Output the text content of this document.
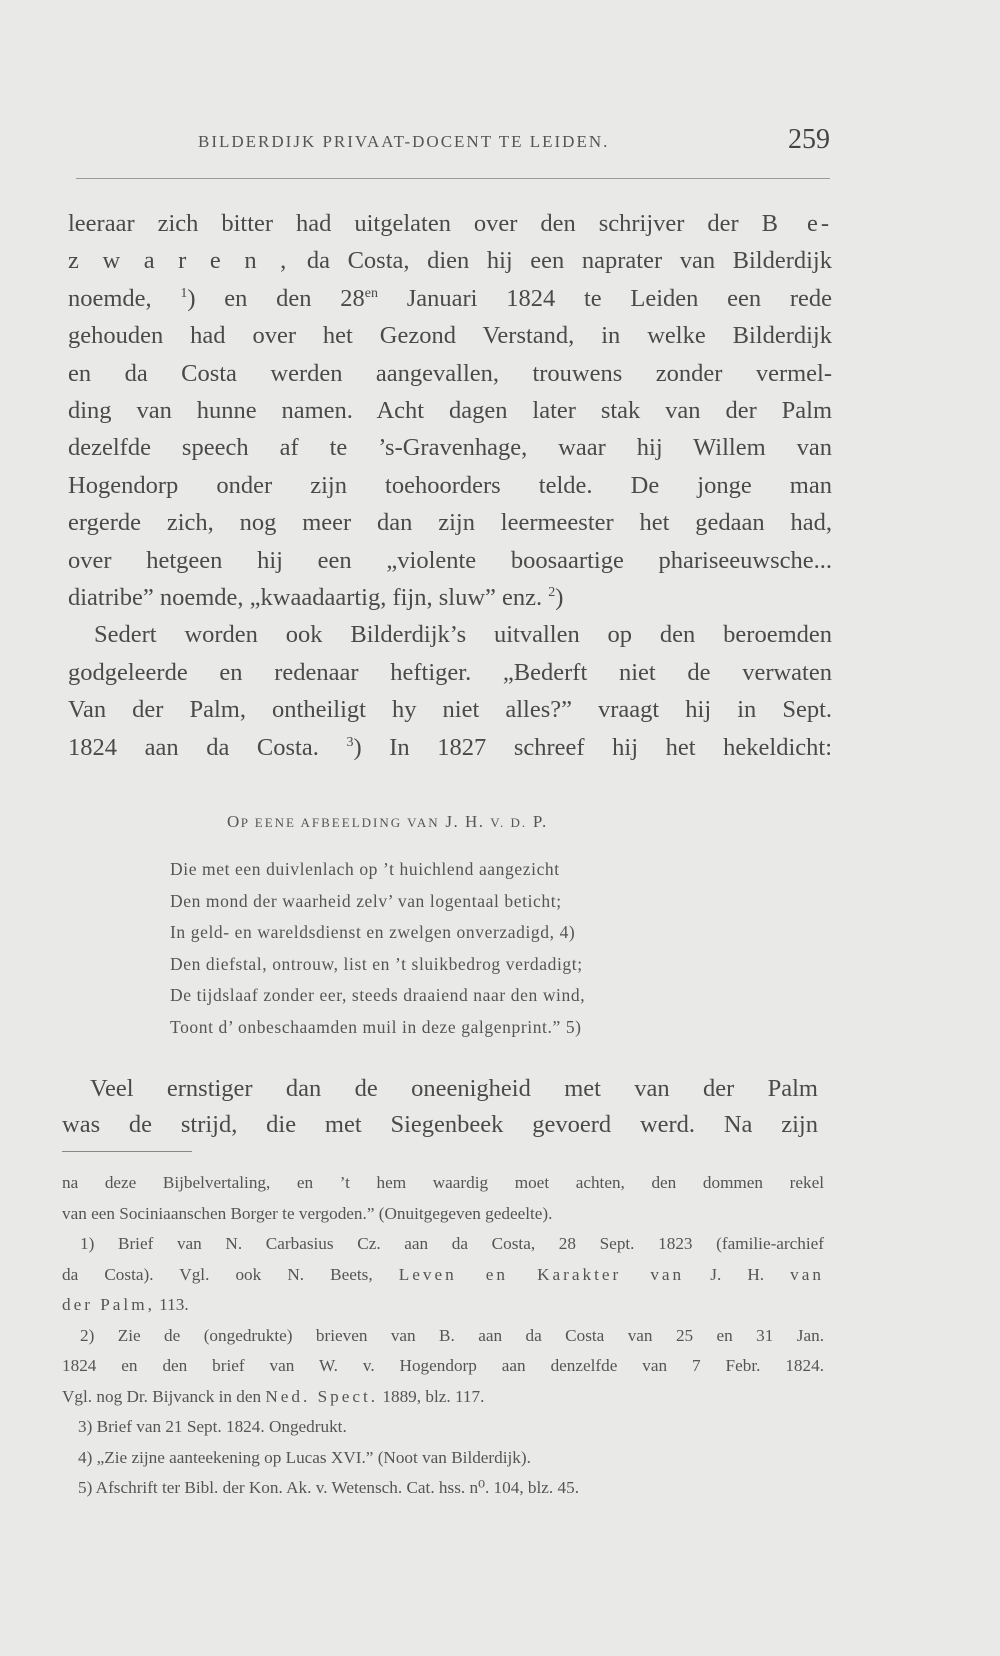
BILDERDIJK PRIVAAT-DOCENT TE LEIDEN.	259
leeraar zich bitter had uitgelaten over den schrijver der B e-
z w a r e n , da Costa, dien hij een naprater van Bilderdijk
noemde, $^1$) en den $28^{en}$ Januari 1824 te Leiden een rede
gehouden had over het Gezond Verstand, in welke Bilderdijk
en da Costa werden aangevallen, trouwens zonder vermel-
ding van hunne namen. Acht dagen later stak van der Palm
dezelfde speech af te ’s-Gravenhage, waar hij Willem van
Hogendorp onder zijn toehoorders telde. De jonge man
ergerde zich, nog meer dan zijn leermeester het gedaan had,
over hetgeen hij een „violente boosaartige phariseeuwsche...
diatribe” noemde, „kwaadaartig, fijn, sluw” enz. $^2$)
Sedert worden ook Bilderdijk’s uitvallen op den beroemden
godgeleerde en redenaar heftiger. „Bederft niet de verwaten
Van der Palm, ontheiligt hy niet alles?” vraagt hij in Sept.
1824 aan da Costa. $^3$) In 1827 schreef hij het hekeldicht:
OP EENE AFBEELDING VAN J. H. V. D. P.
Die met een duivlenlach op ’t huichlend aangezicht
Den mond der waarheid zelv’ van logentaal beticht;
In geld- en wareldsdienst en zwelgen onverzadigd, 4)
Den diefstal, ontrouw, list en ’t sluikbedrog verdadigt;
De tijdslaaf zonder eer, steeds draaiend naar den wind,
Toont d’ onbeschaamden muil in deze galgenprint.” 5)
Veel ernstiger dan de oneenigheid met van der Palm
was de strijd, die met Siegenbeek gevoerd werd. Na zijn
na deze Bijbelvertaling, en ’t hem waardig moet achten, den dommen rekel
van een Sociniaanschen Borger te vergoden.” (Onuitgegeven gedeelte).
1) Brief van N. Carbasius Cz. aan da Costa, 28 Sept. 1823 (familie-archief
da Costa). Vgl. ook N. Beets, Leven en Karakter van J. H. van
der Palm, 113.
2) Zie de (ongedrukte) brieven van B. aan da Costa van 25 en 31 Jan.
1824 en den brief van W. v. Hogendorp aan denzelfde van 7 Febr. 1824.
Vgl. nog Dr. Bijvanck in den Ned. Spect. 1889, blz. 117.
3) Brief van 21 Sept. 1824. Ongedrukt.
4) „Zie zijne aanteekening op Lucas XVI.” (Noot van Bilderdijk).
5) Afschrift ter Bibl. der Kon. Ak. v. Wetensch. Cat. hss. n⁰. 104, blz. 45.
